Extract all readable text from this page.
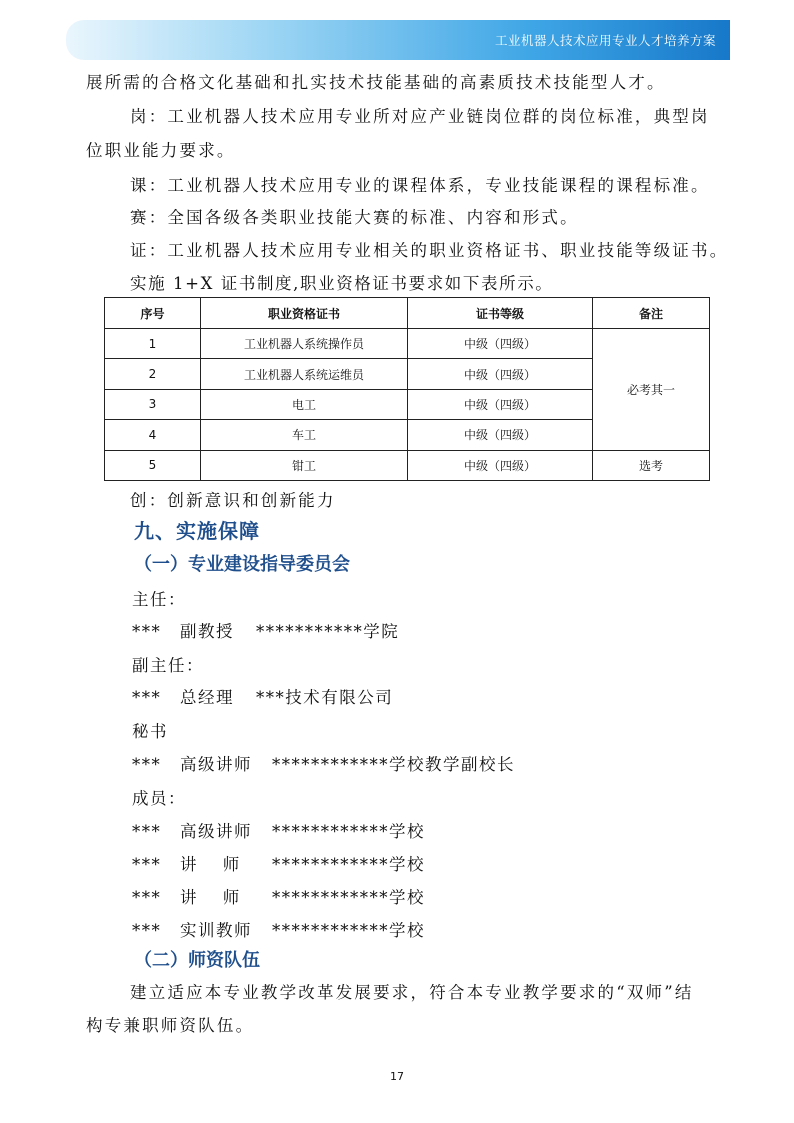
工业机器人技术应用专业人才培养方案
展所需的合格文化基础和扎实技术技能基础的高素质技术技能型人才。
岗：工业机器人技术应用专业所对应产业链岗位群的岗位标准，典型岗
位职业能力要求。
课：工业机器人技术应用专业的课程体系，专业技能课程的课程标准。
赛：全国各级各类职业技能大赛的标准、内容和形式。
证：工业机器人技术应用专业相关的职业资格证书、职业技能等级证书。
实施 1+X 证书制度,职业资格证书要求如下表所示。
序号	职业资格证书	证书等级	备注
1	工业机器人系统操作员	中级（四级）	必考其一
2	工业机器人系统运维员	中级（四级）	
3	电工	中级（四级）	
4	车工	中级（四级）	
5	钳工	中级（四级）	选考
创：创新意识和创新能力
九、实施保障
（一）专业建设指导委员会
主任：
*** 副教授 ***********学院
副主任：
*** 总经理 ***技术有限公司
秘书
*** 高级讲师 ************学校教学副校长
成员：
*** 高级讲师 ************学校
*** 讲　 师 ************学校
*** 讲　 师 ************学校
*** 实训教师 ************学校
（二）师资队伍
建立适应本专业教学改革发展要求，符合本专业教学要求的“双师”结
构专兼职师资队伍。
17
